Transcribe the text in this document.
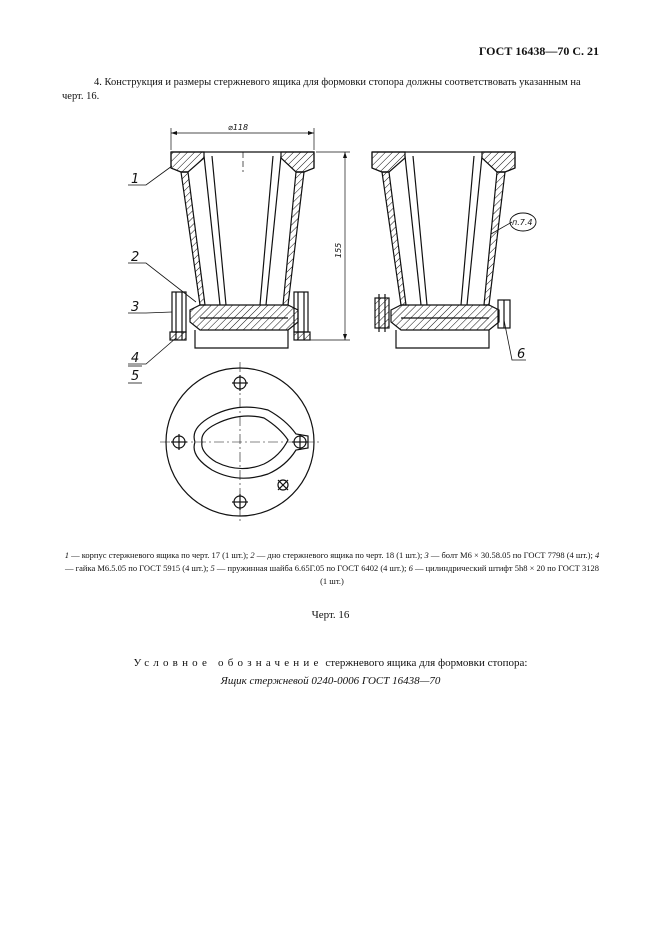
ГОСТ 16438—70 С. 21
4. Конструкция и размеры стержневого ящика для формовки стопора должны соответствовать указанным на черт. 16.
⌀118
155
1
2
3
4
5
6
п.7.4
1 — корпус стержневого ящика по черт. 17 (1 шт.); 2 — дно стержневого ящика по черт. 18 (1 шт.); 3 — болт М6 × 30.58.05 по ГОСТ 7798 (4 шт.); 4 — гайка М6.5.05 по ГОСТ 5915 (4 шт.); 5 — пружинная шайба 6.65Г.05 по ГОСТ 6402 (4 шт.); 6 — цилиндрический штифт 5h8 × 20 по ГОСТ 3128 (1 шт.)
Черт. 16
Условное обозначение стержневого ящика для формовки стопора:
Ящик стержневой 0240-0006 ГОСТ 16438—70
